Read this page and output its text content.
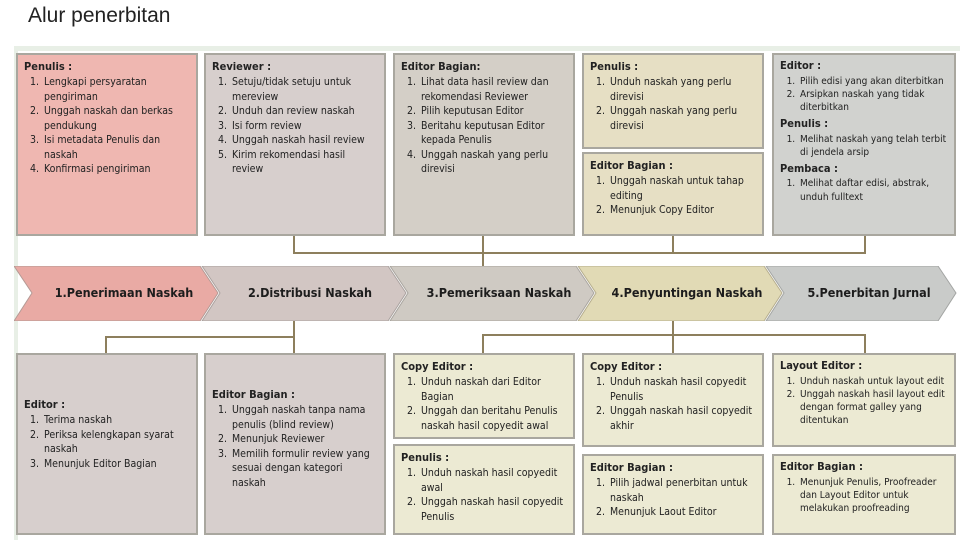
Alur penerbitan
Penulis :
1. Lengkapi persyaratan pengiriman
2. Unggah naskah dan berkas pendukung
3. Isi metadata Penulis dan naskah
4. Konfirmasi pengiriman
Reviewer :
1. Setuju/tidak setuju untuk mereview
2. Unduh dan review naskah
3. Isi form review
4. Unggah naskah hasil review
5. Kirim rekomendasi hasil review
Editor Bagian:
1. Lihat data hasil review dan rekomendasi Reviewer
2. Pilih keputusan Editor
3. Beritahu keputusan Editor kepada Penulis
4. Unggah naskah yang perlu direvisi
Penulis :
1. Unduh naskah yang perlu direvisi
2. Unggah naskah yang perlu direvisi
Editor Bagian :
1. Unggah naskah untuk tahap editing
2. Menunjuk Copy Editor
Editor :
1. Pilih edisi yang akan diterbitkan
2. Arsipkan naskah yang tidak diterbitkan
Penulis :
1. Melihat naskah yang telah terbit di jendela arsip
Pembaca :
1. Melihat daftar edisi, abstrak, unduh fulltext
1.Penerimaan Naskah	2.Distribusi Naskah	3.Pemeriksaan Naskah	4.Penyuntingan Naskah	5.Penerbitan Jurnal
Editor :
1. Terima naskah
2. Periksa kelengkapan syarat naskah
3. Menunjuk Editor Bagian
Editor Bagian :
1. Unggah naskah tanpa nama penulis (blind review)
2. Menunjuk Reviewer
3. Memilih formulir review yang sesuai dengan kategori naskah
Copy Editor :
1. Unduh naskah dari Editor Bagian
2. Unggah dan beritahu Penulis naskah hasil copyedit awal
Penulis :
1. Unduh naskah hasil copyedit awal
2. Unggah naskah hasil copyedit Penulis
Copy Editor :
1. Unduh naskah hasil copyedit Penulis
2. Unggah naskah hasil copyedit akhir
Editor Bagian :
1. Pilih jadwal penerbitan untuk naskah
2. Menunjuk Laout Editor
Layout Editor :
1. Unduh naskah untuk layout edit
2. Unggah naskah hasil layout edit dengan format galley yang ditentukan
Editor Bagian :
1. Menunjuk Penulis, Proofreader dan Layout Editor untuk melakukan proofreading
